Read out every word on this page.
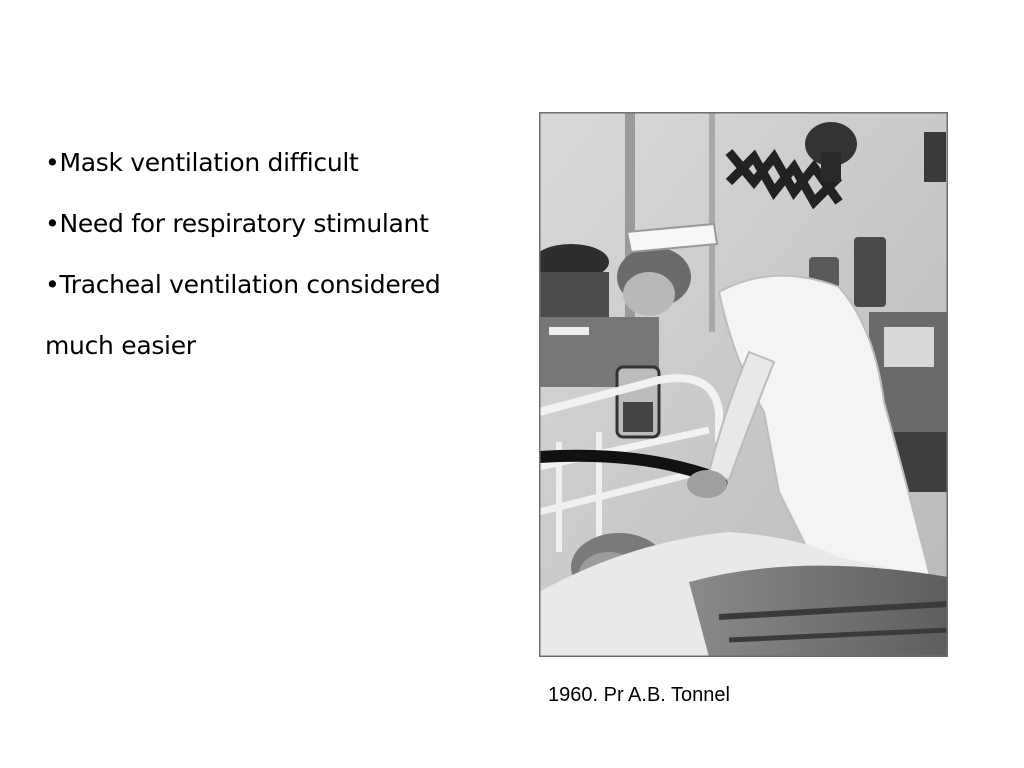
•Mask ventilation difficult
•Need for respiratory stimulant
•Tracheal ventilation considered
much easier
1960. Pr A.B. Tonnel
